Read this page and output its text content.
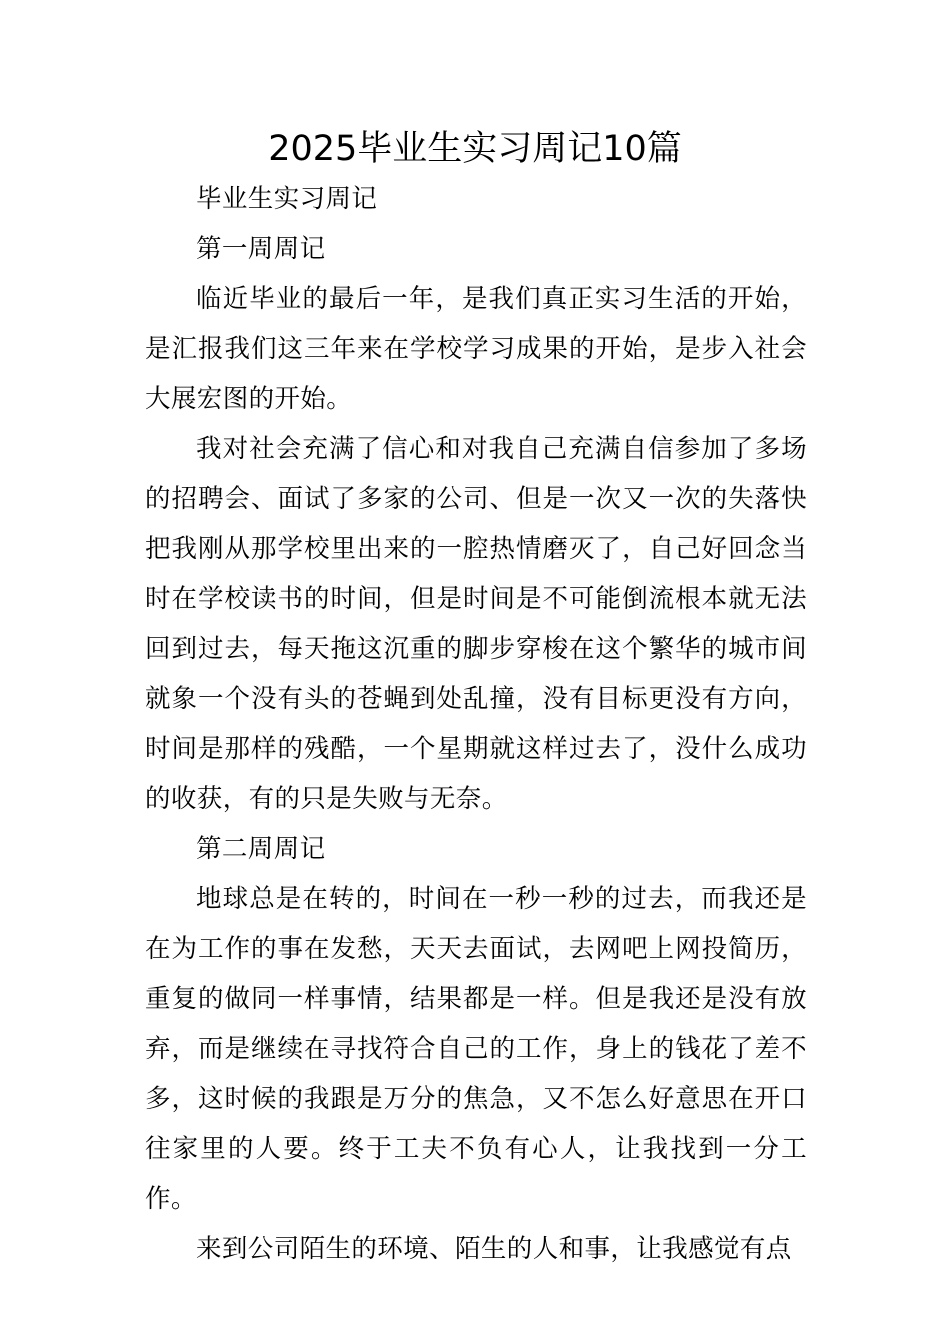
2025毕业生实习周记10篇

毕业生实习周记

第一周周记

临近毕业的最后一年，是我们真正实习生活的开始，是汇报我们这三年来在学校学习成果的开始，是步入社会大展宏图的开始。

我对社会充满了信心和对我自己充满自信参加了多场的招聘会、面试了多家的公司、但是一次又一次的失落快把我刚从那学校里出来的一腔热情磨灭了，自己好回念当时在学校读书的时间，但是时间是不可能倒流根本就无法回到过去，每天拖这沉重的脚步穿梭在这个繁华的城市间就象一个没有头的苍蝇到处乱撞，没有目标更没有方向，时间是那样的残酷，一个星期就这样过去了，没什么成功的收获，有的只是失败与无奈。

第二周周记

地球总是在转的，时间在一秒一秒的过去，而我还是在为工作的事在发愁，天天去面试，去网吧上网投简历，重复的做同一样事情，结果都是一样。但是我还是没有放弃，而是继续在寻找符合自己的工作，身上的钱花了差不多，这时候的我跟是万分的焦急，又不怎么好意思在开口往家里的人要。终于工夫不负有心人，让我找到一分工作。

来到公司陌生的环境、陌生的人和事，让我感觉有点
